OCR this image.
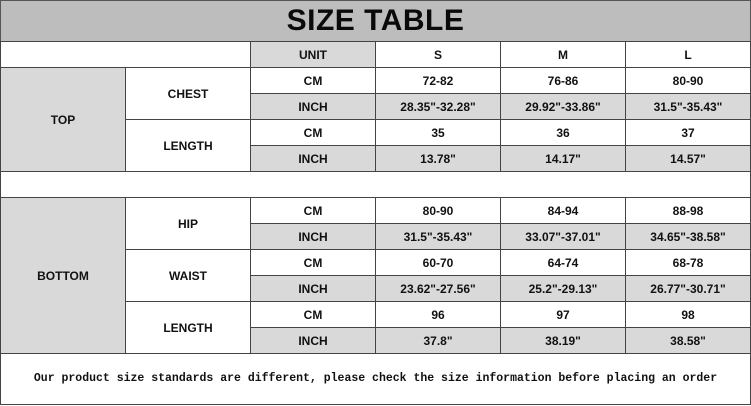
SIZE TABLE
		UNIT	S	M	L
TOP	CHEST	CM	72-82	76-86	80-90
		INCH	28.35"-32.28"	29.92"-33.86"	31.5"-35.43"
	LENGTH	CM	35	36	37
		INCH	13.78"	14.17"	14.57"

BOTTOM	HIP	CM	80-90	84-94	88-98
		INCH	31.5"-35.43"	33.07"-37.01"	34.65"-38.58"
	WAIST	CM	60-70	64-74	68-78
		INCH	23.62"-27.56"	25.2"-29.13"	26.77"-30.71"
	LENGTH	CM	96	97	98
		INCH	37.8"	38.19"	38.58"
Our product size standards are different, please check the size information before placing an order
